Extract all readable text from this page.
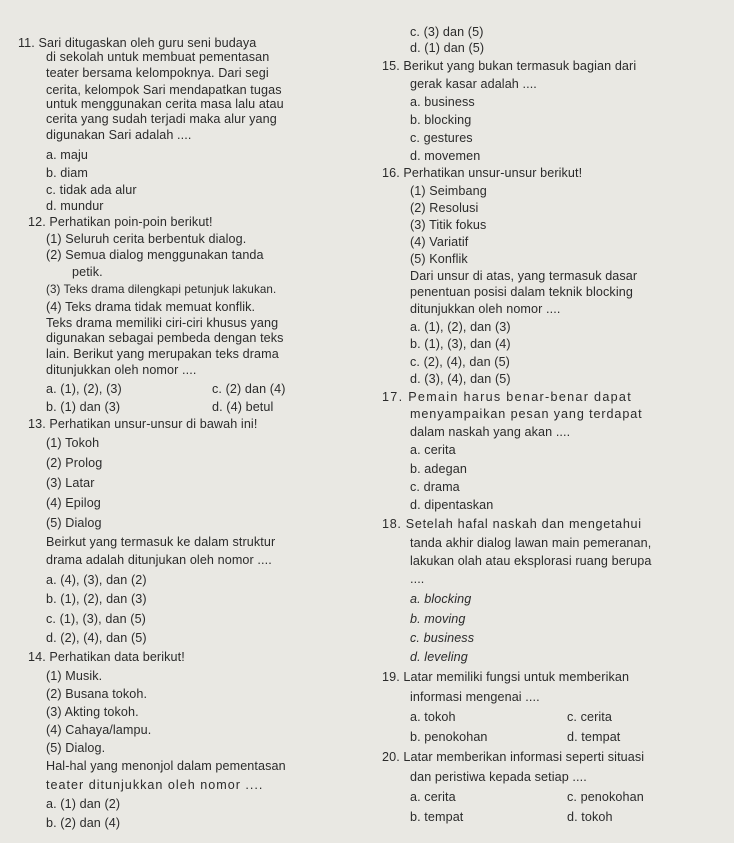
11. Sari ditugaskan oleh guru seni budaya
di sekolah untuk membuat pementasan
teater bersama kelompoknya. Dari segi
cerita, kelompok Sari mendapatkan tugas
untuk menggunakan cerita masa lalu atau
cerita yang sudah terjadi maka alur yang
digunakan Sari adalah ....
a. maju
b. diam
c. tidak ada alur
d. mundur
12. Perhatikan poin-poin berikut!
(1) Seluruh cerita berbentuk dialog.
(2) Semua dialog menggunakan tanda
petik.
(3) Teks drama dilengkapi petunjuk lakukan.
(4) Teks drama tidak memuat konflik.
Teks drama memiliki ciri-ciri khusus yang
digunakan sebagai pembeda dengan teks
lain. Berikut yang merupakan teks drama
ditunjukkan oleh nomor ....
a. (1), (2), (3)	c. (2) dan (4)
b. (1) dan (3)	d. (4) betul
13. Perhatikan unsur-unsur di bawah ini!
(1) Tokoh
(2) Prolog
(3) Latar
(4) Epilog
(5) Dialog
Beirkut yang termasuk ke dalam struktur
drama adalah ditunjukan oleh nomor ....
a. (4), (3), dan (2)
b. (1), (2), dan (3)
c. (1), (3), dan (5)
d. (2), (4), dan (5)
14. Perhatikan data berikut!
(1) Musik.
(2) Busana tokoh.
(3) Akting tokoh.
(4) Cahaya/lampu.
(5) Dialog.
Hal-hal yang menonjol dalam pementasan
teater ditunjukkan oleh nomor ....
a. (1) dan (2)
b. (2) dan (4)
c. (3) dan (5)
d. (1) dan (5)
15. Berikut yang bukan termasuk bagian dari
gerak kasar adalah ....
a. business
b. blocking
c. gestures
d. movemen
16. Perhatikan unsur-unsur berikut!
(1) Seimbang
(2) Resolusi
(3) Titik fokus
(4) Variatif
(5) Konflik
Dari unsur di atas, yang termasuk dasar
penentuan posisi dalam teknik blocking
ditunjukkan oleh nomor ....
a. (1), (2), dan (3)
b. (1), (3), dan (4)
c. (2), (4), dan (5)
d. (3), (4), dan (5)
17. Pemain harus benar-benar dapat
menyampaikan pesan yang terdapat
dalam naskah yang akan ....
a. cerita
b. adegan
c. drama
d. dipentaskan
18. Setelah hafal naskah dan mengetahui
tanda akhir dialog lawan main pemeranan,
lakukan olah atau eksplorasi ruang berupa
....
a. blocking
b. moving
c. business
d. leveling
19. Latar memiliki fungsi untuk memberikan
informasi mengenai ....
a. tokoh	c. cerita
b. penokohan	d. tempat
20. Latar memberikan informasi seperti situasi
dan peristiwa kepada setiap ....
a. cerita	c. penokohan
b. tempat	d. tokoh
